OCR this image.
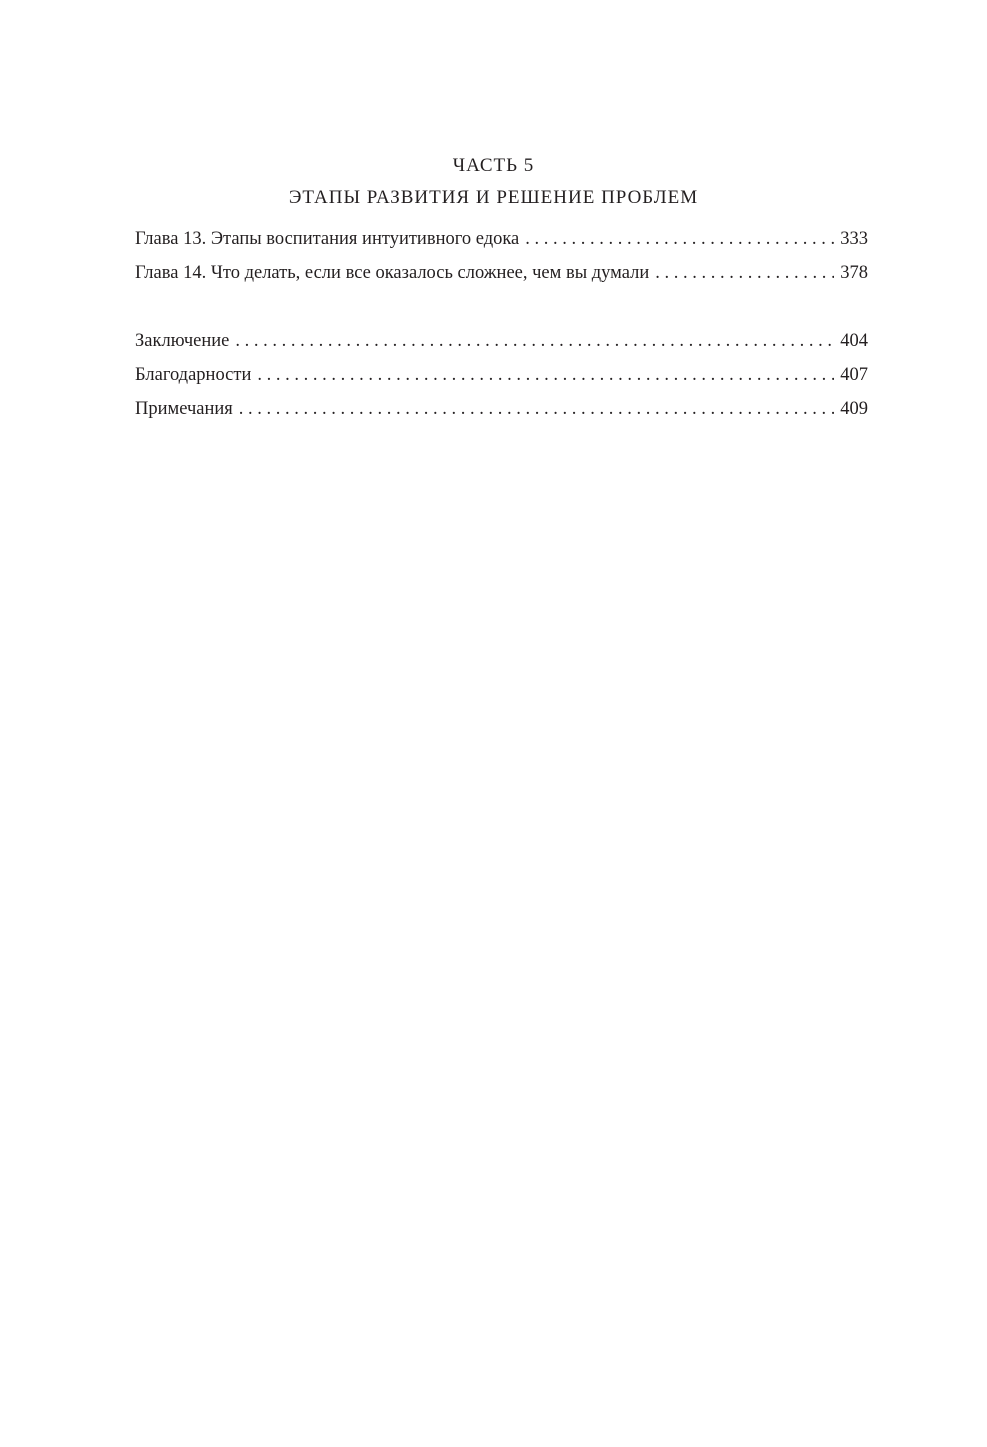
ЧАСТЬ 5
ЭТАПЫ РАЗВИТИЯ И РЕШЕНИЕ ПРОБЛЕМ
Глава 13. Этапы воспитания интуитивного едока . . .	333
Глава 14. Что делать, если все оказалось сложнее, чем вы думали . . .	378
Заключение . . .	404
Благодарности . . .	407
Примечания . . .	409
